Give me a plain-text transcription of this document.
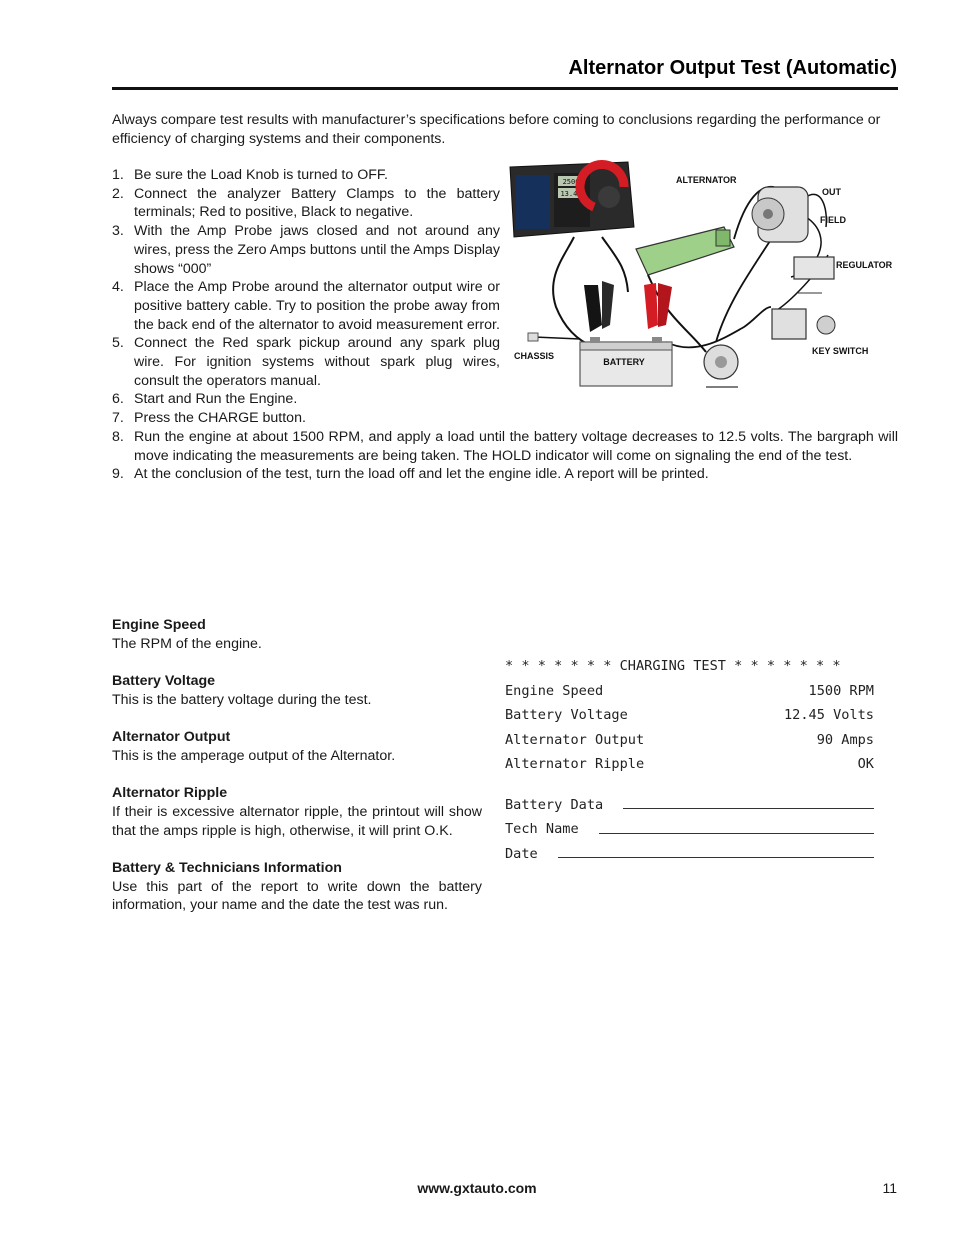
Alternator Output Test (Automatic)

Always compare test results with manufacturer’s specifications before coming to conclusions regarding the performance or efficiency of charging systems and their components.

1. Be sure the Load Knob is turned to OFF.
2. Connect the analyzer Battery Clamps to the battery terminals; Red to positive, Black to negative.
3. With the Amp Probe jaws closed and not around any wires, press the Zero Amps buttons until the Amps Display shows “000”
4. Place the Amp Probe around the alternator output wire or positive battery cable. Try to position the probe away from the back end of the alternator to avoid measurement error.
5. Connect the Red spark pickup around any spark plug wire. For ignition systems without spark plug wires, consult the operators manual.
6. Start and Run the Engine.
7. Press the CHARGE button.
8. Run the engine at about 1500 RPM, and apply a load until the battery voltage decreases to 12.5 volts. The bargraph will move indicating the measurements are being taken. The HOLD indicator will come on signaling the end of the test.
9. At the conclusion of the test, turn the load off and let the engine idle. A report will be printed.
2500
13.48
BATTERY
CHASSIS
ALTERNATOR
OUT
FIELD
REGULATOR
KEY SWITCH

Engine Speed

The RPM of the engine.

Battery Voltage

This is the battery voltage during the test.

Alternator Output

This is the amperage output of the Alternator.

Alternator Ripple

If their is excessive alternator ripple, the printout will show that the amps ripple is high, otherwise, it will print O.K.

Battery & Technicians Information

Use this part of the report to write down the battery information, your name and the date the test was run.

* * * * * * * CHARGING TEST * * * * * * *
Engine Speed	1500 RPM
Battery Voltage	12.45 Volts
Alternator Output	90 Amps
Alternator Ripple	OK
Battery Data
Tech Name
Date
www.gxtauto.com	11
